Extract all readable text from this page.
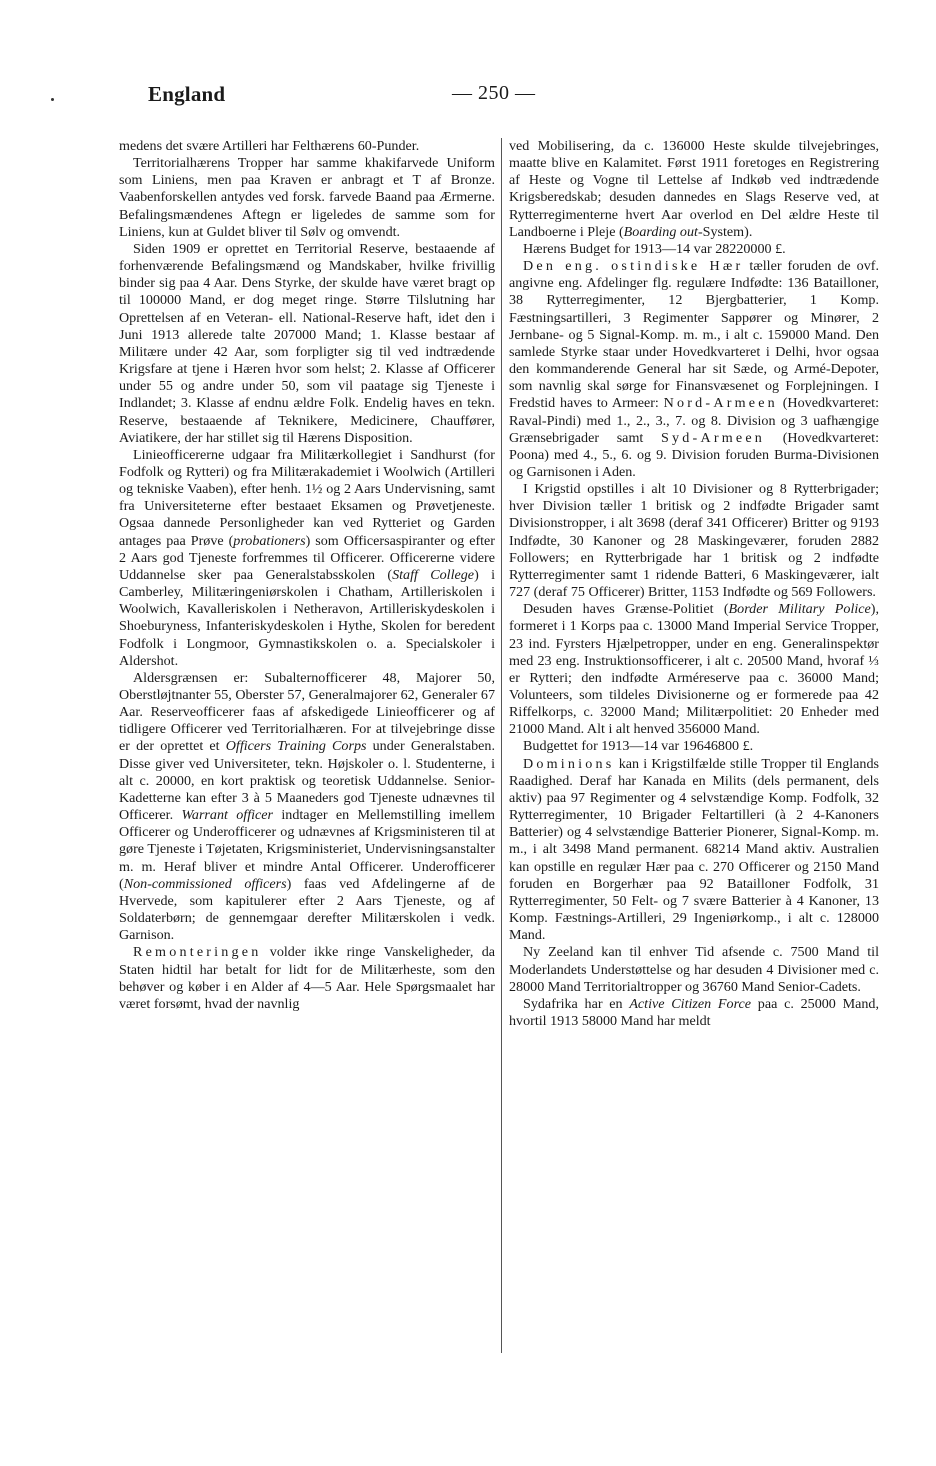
England	— 250 —

medens det svære Artilleri har Felthærens 60-Punder.

Territorialhærens Tropper har samme khakifarvede Uniform som Liniens, men paa Kraven er anbragt et T af Bronze. Vaabenforskellen antydes ved forsk. farvede Baand paa Ærmerne. Befalingsmændenes Aftegn er ligeledes de samme som for Liniens, kun at Guldet bliver til Sølv og omvendt.

Siden 1909 er oprettet en Territorial Reserve, bestaaende af forhenværende Befalingsmænd og Mandskaber, hvilke frivillig binder sig paa 4 Aar. Dens Styrke, der skulde have været bragt op til 100000 Mand, er dog meget ringe. Større Tilslutning har Oprettelsen af en Veteran- ell. National-Reserve haft, idet den i Juni 1913 allerede talte 207000 Mand; 1. Klasse bestaar af Militære under 42 Aar, som forpligter sig til ved indtrædende Krigsfare at tjene i Hæren hvor som helst; 2. Klasse af Officerer under 55 og andre under 50, som vil paatage sig Tjeneste i Indlandet; 3. Klasse af endnu ældre Folk. Endelig haves en tekn. Reserve, bestaaende af Teknikere, Medicinere, Chauffører, Aviatikere, der har stillet sig til Hærens Disposition.

Linieofficererne udgaar fra Militærkollegiet i Sandhurst (for Fodfolk og Rytteri) og fra Militærakademiet i Woolwich (Artilleri og tekniske Vaaben), efter henh. 1½ og 2 Aars Undervisning, samt fra Universiteterne efter bestaaet Eksamen og Prøvetjeneste. Ogsaa dannede Personligheder kan ved Rytteriet og Garden antages paa Prøve (probationers) som Officersaspiranter og efter 2 Aars god Tjeneste forfremmes til Officerer. Officererne videre Uddannelse sker paa Generalstabsskolen (Staff College) i Camberley, Militæringeniørskolen i Chatham, Artilleriskolen i Woolwich, Kavalleriskolen i Netheravon, Artilleriskydeskolen i Shoeburyness, Infanteriskydeskolen i Hythe, Skolen for beredent Fodfolk i Longmoor, Gymnastikskolen o. a. Specialskoler i Aldershot.

Aldersgrænsen er: Subalternofficerer 48, Majorer 50, Oberstløjtnanter 55, Oberster 57, Generalmajorer 62, Generaler 67 Aar. Reserveofficerer faas af afskedigede Linieofficerer og af tidligere Officerer ved Territorialhæren. For at tilvejebringe disse er der oprettet et Officers Training Corps under Generalstaben. Disse giver ved Universiteter, tekn. Højskoler o. l. Studenterne, i alt c. 20000, en kort praktisk og teoretisk Uddannelse. Senior-Kadetterne kan efter 3 à 5 Maaneders god Tjeneste udnævnes til Officerer. Warrant officer indtager en Mellemstilling imellem Officerer og Underofficerer og udnævnes af Krigsministeren til at gøre Tjeneste i Tøjetaten, Krigsministeriet, Undervisningsanstalter m. m. Heraf bliver et mindre Antal Officerer. Underofficerer (Non-commissioned officers) faas ved Afdelingerne af de Hvervede, som kapitulerer efter 2 Aars Tjeneste, og af Soldaterbørn; de gennemgaar derefter Militærskolen i vedk. Garnison.

Remonteringen volder ikke ringe Vanskeligheder, da Staten hidtil har betalt for lidt for de Militærheste, som den behøver og køber i en Alder af 4—5 Aar. Hele Spørgsmaalet har været forsømt, hvad der navnlig

ved Mobilisering, da c. 136000 Heste skulde tilvejebringes, maatte blive en Kalamitet. Først 1911 foretoges en Registrering af Heste og Vogne til Lettelse af Indkøb ved indtrædende Krigsberedskab; desuden dannedes en Slags Reserve ved, at Rytterregimenterne hvert Aar overlod en Del ældre Heste til Landboerne i Pleje (Boarding out-System).

Hærens Budget for 1913—14 var 28220000 £.

Den eng. ostindiske Hær tæller foruden de ovf. angivne eng. Afdelinger flg. regulære Indfødte: 136 Batailloner, 38 Rytterregimenter, 12 Bjergbatterier, 1 Komp. Fæstningsartilleri, 3 Regimenter Sappører og Minører, 2 Jernbane- og 5 Signal-Komp. m. m., i alt c. 159000 Mand. Den samlede Styrke staar under Hovedkvarteret i Delhi, hvor ogsaa den kommanderende General har sit Sæde, og Armé-Depoter, som navnlig skal sørge for Finansvæsenet og Forplejningen. I Fredstid haves to Armeer: Nord-Armeen (Hovedkvarteret: Raval-Pindi) med 1., 2., 3., 7. og 8. Division og 3 uafhængige Grænsebrigader samt Syd-Armeen (Hovedkvarteret: Poona) med 4., 5., 6. og 9. Division foruden Burma-Divisionen og Garnisonen i Aden.

I Krigstid opstilles i alt 10 Divisioner og 8 Rytterbrigader; hver Division tæller 1 britisk og 2 indfødte Brigader samt Divisionstropper, i alt 3698 (deraf 341 Officerer) Britter og 9193 Indfødte, 30 Kanoner og 28 Maskingeværer, foruden 2882 Followers; en Rytterbrigade har 1 britisk og 2 indfødte Rytterregimenter samt 1 ridende Batteri, 6 Maskingeværer, ialt 727 (deraf 75 Officerer) Britter, 1153 Indfødte og 569 Followers.

Desuden haves Grænse-Politiet (Border Military Police), formeret i 1 Korps paa c. 13000 Mand Imperial Service Tropper, 23 ind. Fyrsters Hjælpetropper, under en eng. Generalinspektør med 23 eng. Instruktionsofficerer, i alt c. 20500 Mand, hvoraf ⅓ er Rytteri; den indfødte Arméreserve paa c. 36000 Mand; Volunteers, som tildeles Divisionerne og er formerede paa 42 Riffelkorps, c. 32000 Mand; Militærpolitiet: 20 Enheder med 21000 Mand. Alt i alt henved 356000 Mand.

Budgettet for 1913—14 var 19646800 £.

Dominions kan i Krigstilfælde stille Tropper til Englands Raadighed. Deraf har Kanada en Milits (dels permanent, dels aktiv) paa 97 Regimenter og 4 selvstændige Komp. Fodfolk, 32 Rytterregimenter, 10 Brigader Feltartilleri (à 2 4-Kanoners Batterier) og 4 selvstændige Batterier Pionerer, Signal-Komp. m. m., i alt 3498 Mand permanent. 68214 Mand aktiv. Australien kan opstille en regulær Hær paa c. 270 Officerer og 2150 Mand foruden en Borgerhær paa 92 Batailloner Fodfolk, 31 Rytterregimenter, 50 Felt- og 7 svære Batterier à 4 Kanoner, 13 Komp. Fæstnings-Artilleri, 29 Ingeniørkomp., i alt c. 128000 Mand.

Ny Zeeland kan til enhver Tid afsende c. 7500 Mand til Moderlandets Understøttelse og har desuden 4 Divisioner med c. 28000 Mand Territorialtropper og 36760 Mand Senior-Cadets.

Sydafrika har en Active Citizen Force paa c. 25000 Mand, hvortil 1913 58000 Mand har meldt
